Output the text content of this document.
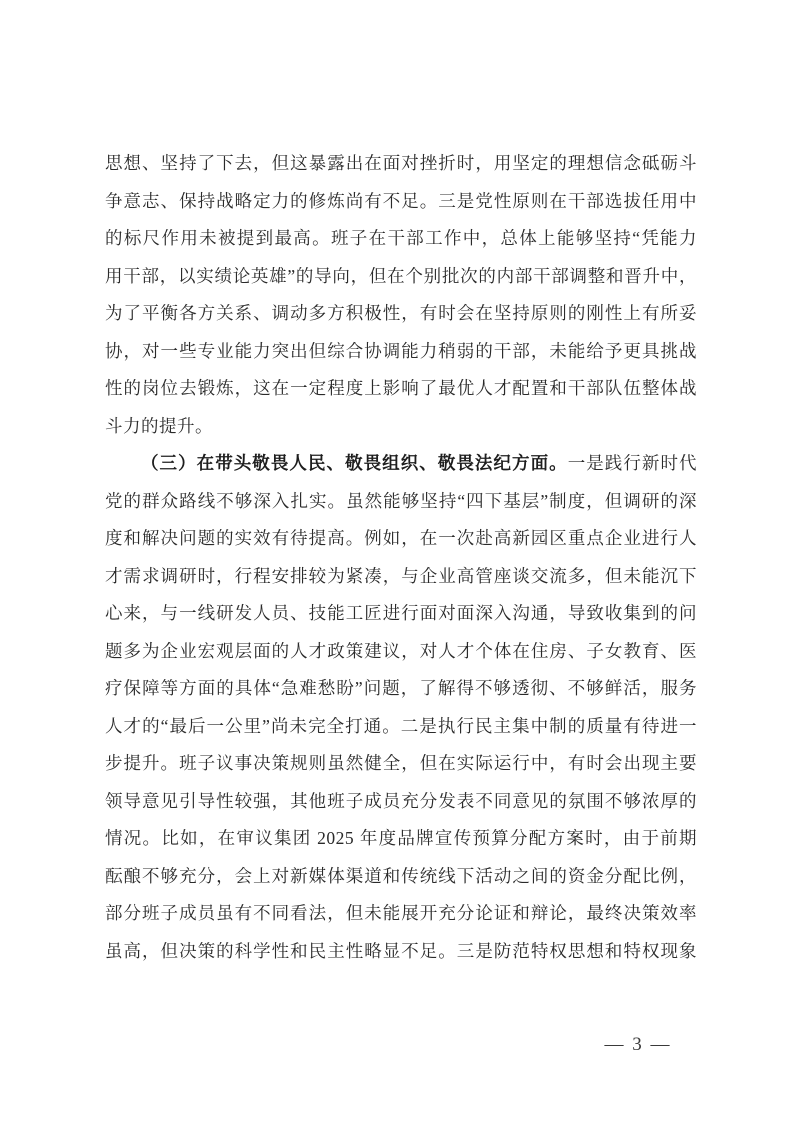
思想、坚持了下去，但这暴露出在面对挫折时，用坚定的理想信念砥砺斗
争意志、保持战略定力的修炼尚有不足。三是党性原则在干部选拔任用中
的标尺作用未被提到最高。班子在干部工作中，总体上能够坚持“凭能力
用干部，以实绩论英雄”的导向，但在个别批次的内部干部调整和晋升中，
为了平衡各方关系、调动多方积极性，有时会在坚持原则的刚性上有所妥
协，对一些专业能力突出但综合协调能力稍弱的干部，未能给予更具挑战
性的岗位去锻炼，这在一定程度上影响了最优人才配置和干部队伍整体战
斗力的提升。
（三）在带头敬畏人民、敬畏组织、敬畏法纪方面。一是践行新时代
党的群众路线不够深入扎实。虽然能够坚持“四下基层”制度，但调研的深
度和解决问题的实效有待提高。例如，在一次赴高新园区重点企业进行人
才需求调研时，行程安排较为紧凑，与企业高管座谈交流多，但未能沉下
心来，与一线研发人员、技能工匠进行面对面深入沟通，导致收集到的问
题多为企业宏观层面的人才政策建议，对人才个体在住房、子女教育、医
疗保障等方面的具体“急难愁盼”问题，了解得不够透彻、不够鲜活，服务
人才的“最后一公里”尚未完全打通。二是执行民主集中制的质量有待进一
步提升。班子议事决策规则虽然健全，但在实际运行中，有时会出现主要
领导意见引导性较强，其他班子成员充分发表不同意见的氛围不够浓厚的
情况。比如，在审议集团 2025 年度品牌宣传预算分配方案时，由于前期
酝酿不够充分，会上对新媒体渠道和传统线下活动之间的资金分配比例，
部分班子成员虽有不同看法，但未能展开充分论证和辩论，最终决策效率
虽高，但决策的科学性和民主性略显不足。三是防范特权思想和特权现象
— 3 —
